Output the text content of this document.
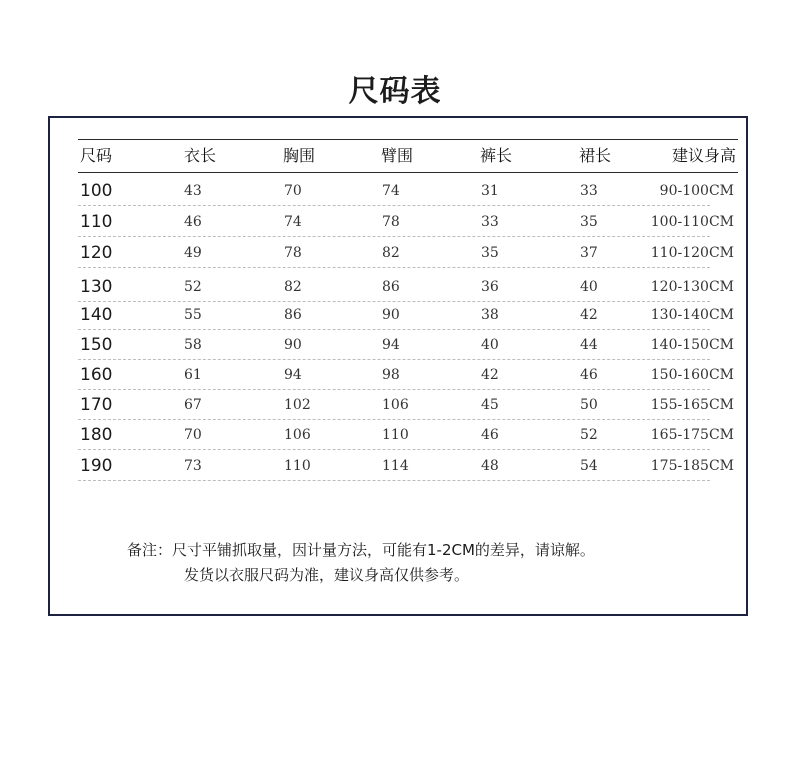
尺码表
尺码	衣长	胸围	臂围	裤长	裙长	建议身高
100	43	70	74	31	33	90-100CM
110	46	74	78	33	35	100-110CM
120	49	78	82	35	37	110-120CM
130	52	82	86	36	40	120-130CM
140	55	86	90	38	42	130-140CM
150	58	90	94	40	44	140-150CM
160	61	94	98	42	46	150-160CM
170	67	102	106	45	50	155-165CM
180	70	106	110	46	52	165-175CM
190	73	110	114	48	54	175-185CM
备注：尺寸平铺抓取量，因计量方法，可能有1-2CM的差异，请谅解。
发货以衣服尺码为准，建议身高仅供参考。
